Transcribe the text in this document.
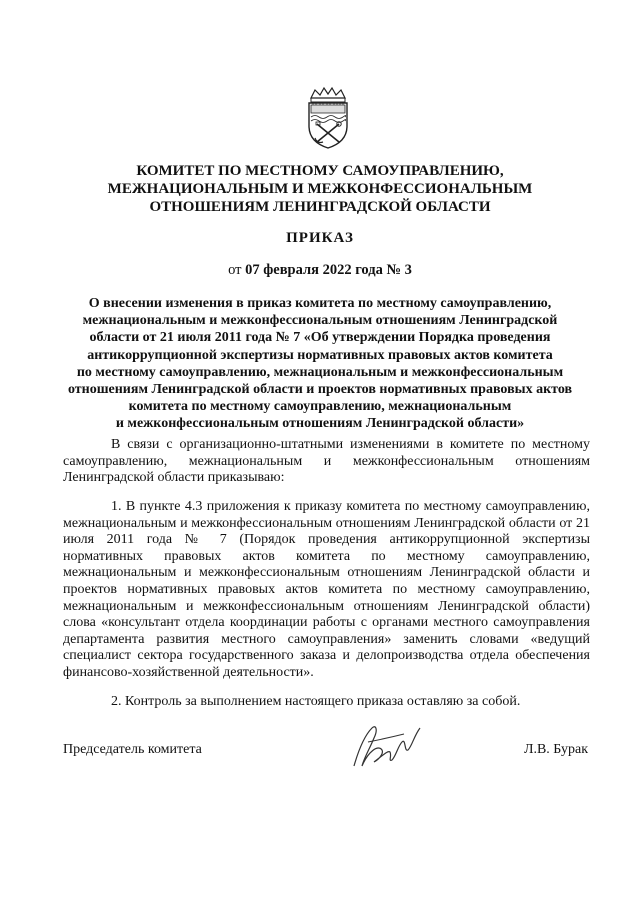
КОМИТЕТ ПО МЕСТНОМУ САМОУПРАВЛЕНИЮ,
МЕЖНАЦИОНАЛЬНЫМ И МЕЖКОНФЕССИОНАЛЬНЫМ
ОТНОШЕНИЯМ ЛЕНИНГРАДСКОЙ ОБЛАСТИ
ПРИКАЗ
от 07 февраля 2022 года № 3
О внесении изменения в приказ комитета по местному самоуправлению,
межнациональным и межконфессиональным отношениям Ленинградской
области от 21 июля 2011 года № 7 «Об утверждении Порядка проведения
антикоррупционной экспертизы нормативных правовых актов комитета
по местному самоуправлению, межнациональным и межконфессиональным
отношениям Ленинградской области и проектов нормативных правовых актов
комитета по местному самоуправлению, межнациональным
и межконфессиональным отношениям Ленинградской области»

В связи с организационно-штатными изменениями в комитете по местному самоуправлению, межнациональным и межконфессиональным отношениям Ленинградской области приказываю:

1. В пункте 4.3 приложения к приказу комитета по местному самоуправлению, межнациональным и межконфессиональным отношениям Ленинградской области от 21 июля 2011 года № 7 (Порядок проведения антикоррупционной экспертизы нормативных правовых актов комитета по местному самоуправлению, межнациональным и межконфессиональным отношениям Ленинградской области и проектов нормативных правовых актов комитета по местному самоуправлению, межнациональным и межконфессиональным отношениям Ленинградской области) слова «консультант отдела координации работы с органами местного самоуправления департамента развития местного самоуправления» заменить словами «ведущий специалист сектора государственного заказа и делопроизводства отдела обеспечения финансово-хозяйственной деятельности».

2. Контроль за выполнением настоящего приказа оставляю за собой.

Председатель комитета	Л.В. Бурак
